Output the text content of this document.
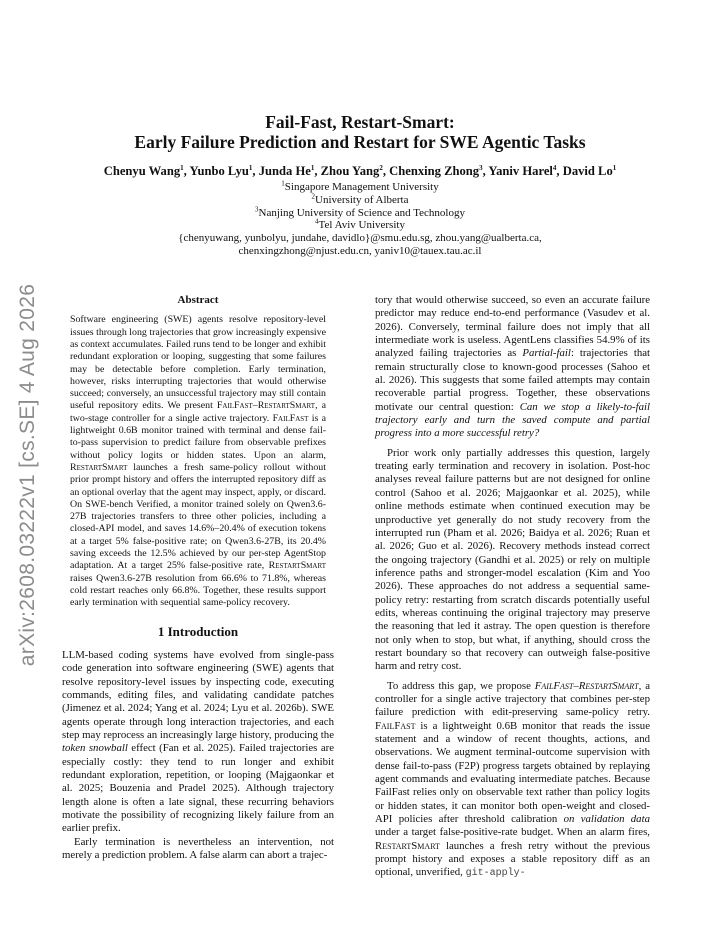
arXiv:2608.03222v1 [cs.SE] 4 Aug 2026
Fail-Fast, Restart-Smart:
Early Failure Prediction and Restart for SWE Agentic Tasks
Chenyu Wang$^1$, Yunbo Lyu$^1$, Junda He$^1$, Zhou Yang$^2$, Chenxing Zhong$^3$, Yaniv Harel$^4$, David Lo$^1$
$^1$Singapore Management University
$^2$University of Alberta
$^3$Nanjing University of Science and Technology
$^4$Tel Aviv University
{chenyuwang, yunbolyu, jundahe, davidlo}@smu.edu.sg, zhou.yang@ualberta.ca,
chenxingzhong@njust.edu.cn, yaniv10@tauex.tau.ac.il
Abstract

Software engineering (SWE) agents resolve repository-level issues through long trajectories that grow increasingly expensive as context accumulates. Failed runs tend to be longer and exhibit redundant exploration or looping, suggesting that some failures may be detectable before completion. Early termination, however, risks interrupting trajectories that would otherwise succeed; conversely, an unsuccessful trajectory may still contain useful repository edits. We present FailFast–RestartSmart, a two-stage controller for a single active trajectory. FailFast is a lightweight 0.6B monitor trained with terminal and dense fail-to-pass supervision to predict failure from observable prefixes without policy logits or hidden states. Upon an alarm, RestartSmart launches a fresh same-policy rollout without prior prompt history and offers the interrupted repository diff as an optional overlay that the agent may inspect, apply, or discard. On SWE-bench Verified, a monitor trained solely on Qwen3.6-27B trajectories transfers to three other policies, including a closed-API model, and saves 14.6%–20.4% of execution tokens at a target 5% false-positive rate; on Qwen3.6-27B, its 20.4% saving exceeds the 12.5% achieved by our per-step AgentStop adaptation. At a target 25% false-positive rate, RestartSmart raises Qwen3.6-27B resolution from 66.6% to 71.8%, whereas cold restart reaches only 66.8%. Together, these results support early termination with sequential same-policy recovery.

1 Introduction

LLM-based coding systems have evolved from single-pass code generation into software engineering (SWE) agents that resolve repository-level issues by inspecting code, executing commands, editing files, and validating candidate patches (Jimenez et al. 2024; Yang et al. 2024; Lyu et al. 2026b). SWE agents operate through long interaction trajectories, and each step may reprocess an increasingly large history, producing the token snowball effect (Fan et al. 2025). Failed trajectories are especially costly: they tend to run longer and exhibit redundant exploration, repetition, or looping (Majgaonkar et al. 2025; Bouzenia and Pradel 2025). Although trajectory length alone is often a late signal, these recurring behaviors motivate the possibility of recognizing likely failure from an earlier prefix.

Early termination is nevertheless an intervention, not merely a prediction problem. A false alarm can abort a trajec-

tory that would otherwise succeed, so even an accurate failure predictor may reduce end-to-end performance (Vasudev et al. 2026). Conversely, terminal failure does not imply that all intermediate work is useless. AgentLens classifies 54.9% of its analyzed failing trajectories as Partial-fail: trajectories that remain structurally close to known-good processes (Sahoo et al. 2026). This suggests that some failed attempts may contain recoverable partial progress. Together, these observations motivate our central question: Can we stop a likely-to-fail trajectory early and turn the saved compute and partial progress into a more successful retry?

Prior work only partially addresses this question, largely treating early termination and recovery in isolation. Post-hoc analyses reveal failure patterns but are not designed for online control (Sahoo et al. 2026; Majgaonkar et al. 2025), while online methods estimate when continued execution may be unproductive yet generally do not study recovery from the interrupted run (Pham et al. 2026; Baidya et al. 2026; Ruan et al. 2026; Guo et al. 2026). Recovery methods instead correct the ongoing trajectory (Gandhi et al. 2025) or rely on multiple inference paths and stronger-model escalation (Kim and Yoo 2026). These approaches do not address a sequential same-policy retry: restarting from scratch discards potentially useful edits, whereas continuing the original trajectory may preserve the reasoning that led it astray. The open question is therefore not only when to stop, but what, if anything, should cross the restart boundary so that recovery can outweigh false-positive harm and retry cost.

To address this gap, we propose FailFast–RestartSmart, a controller for a single active trajectory that combines per-step failure prediction with edit-preserving same-policy retry. FailFast is a lightweight 0.6B monitor that reads the issue statement and a window of recent thoughts, actions, and observations. We augment terminal-outcome supervision with dense fail-to-pass (F2P) progress targets obtained by replaying agent commands and evaluating intermediate patches. Because FailFast relies only on observable text rather than policy logits or hidden states, it can monitor both open-weight and closed-API policies after threshold calibration on validation data under a target false-positive-rate budget. When an alarm fires, RestartSmart launches a fresh retry without the previous prompt history and exposes a stable repository diff as an optional, unverified, git-apply-
